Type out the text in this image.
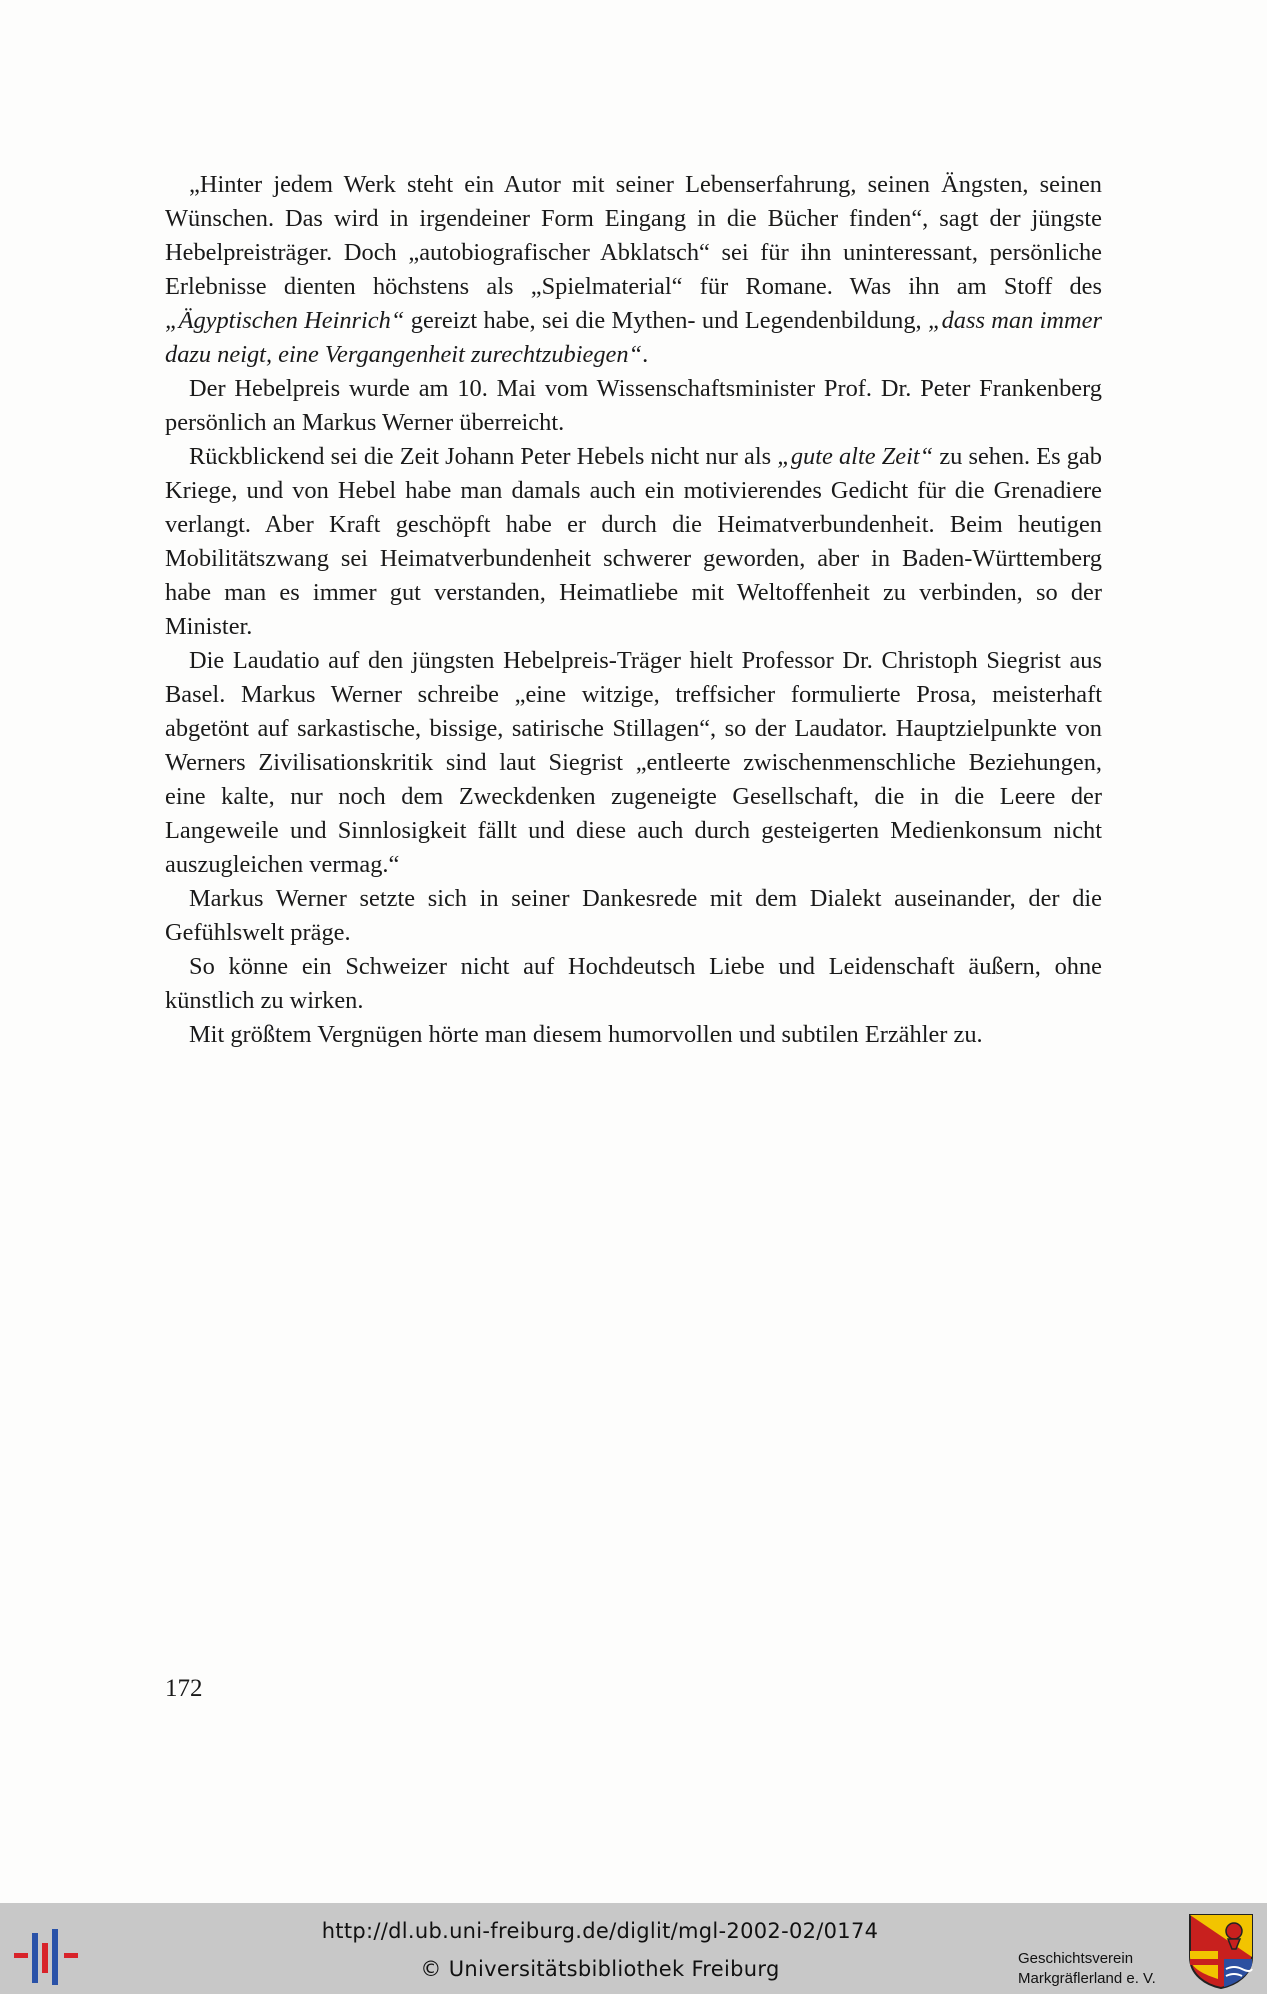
„Hinter jedem Werk steht ein Autor mit seiner Lebenserfahrung, seinen Ängsten, seinen Wünschen. Das wird in irgendeiner Form Eingang in die Bücher finden“, sagt der jüngste Hebelpreisträger. Doch „autobiografischer Abklatsch“ sei für ihn uninteressant, persönliche Erlebnisse dienten höchstens als „Spielmaterial“ für Romane. Was ihn am Stoff des „Ägyptischen Heinrich“ gereizt habe, sei die Mythen- und Legendenbildung, „dass man immer dazu neigt, eine Vergangenheit zurechtzubiegen“.

Der Hebelpreis wurde am 10. Mai vom Wissenschaftsminister Prof. Dr. Peter Frankenberg persönlich an Markus Werner überreicht.

Rückblickend sei die Zeit Johann Peter Hebels nicht nur als „gute alte Zeit“ zu sehen. Es gab Kriege, und von Hebel habe man damals auch ein motivierendes Gedicht für die Grenadiere verlangt. Aber Kraft geschöpft habe er durch die Heimatverbundenheit. Beim heutigen Mobilitätszwang sei Heimatverbundenheit schwerer geworden, aber in Baden-Württemberg habe man es immer gut verstanden, Heimatliebe mit Weltoffenheit zu verbinden, so der Minister.

Die Laudatio auf den jüngsten Hebelpreis-Träger hielt Professor Dr. Christoph Siegrist aus Basel. Markus Werner schreibe „eine witzige, treffsicher formulierte Prosa, meisterhaft abgetönt auf sarkastische, bissige, satirische Stillagen“, so der Laudator. Hauptzielpunkte von Werners Zivilisationskritik sind laut Siegrist „entleerte zwischenmenschliche Beziehungen, eine kalte, nur noch dem Zweckdenken zugeneigte Gesellschaft, die in die Leere der Langeweile und Sinnlosigkeit fällt und diese auch durch gesteigerten Medienkonsum nicht auszugleichen vermag.“

Markus Werner setzte sich in seiner Dankesrede mit dem Dialekt auseinander, der die Gefühlswelt präge.

So könne ein Schweizer nicht auf Hochdeutsch Liebe und Leidenschaft äußern, ohne künstlich zu wirken.

Mit größtem Vergnügen hörte man diesem humorvollen und subtilen Erzähler zu.

172
http://dl.ub.uni-freiburg.de/diglit/mgl-2002-02/0174
© Universitätsbibliothek Freiburg	Geschichtsverein
Markgräflerland e. V.
